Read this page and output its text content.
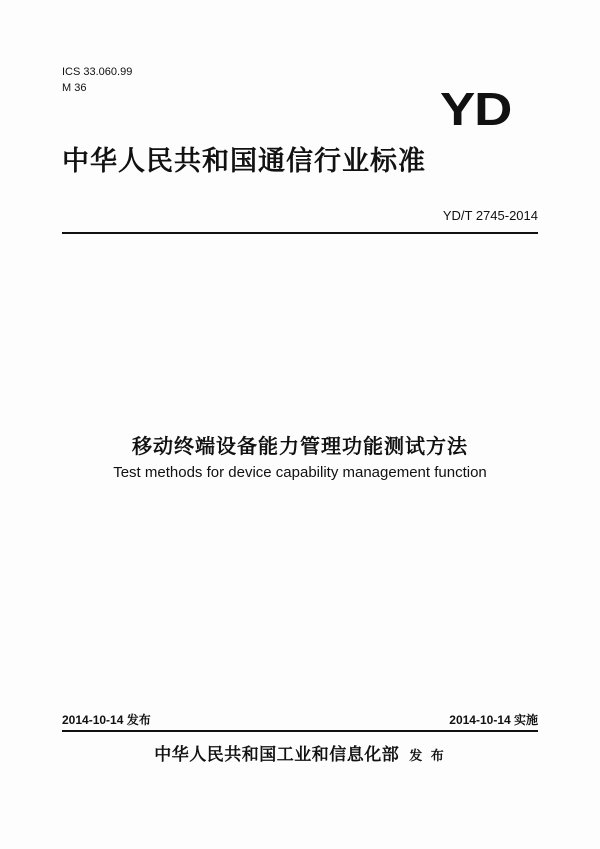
ICS 33.060.99
M 36	YD
中华人民共和国通信行业标准
YD/T 2745-2014
移动终端设备能力管理功能测试方法
Test methods for device capability management function
2014-10-14 发布	2014-10-14 实施
中华人民共和国工业和信息化部 发 布
